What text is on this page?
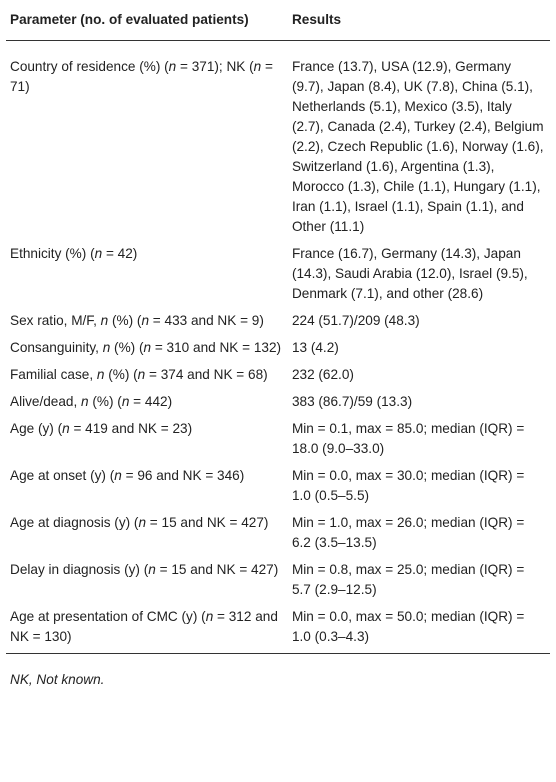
Parameter (no. of evaluated patients)	Results
Country of residence (%) (n = 371); NK (n = 71)	France (13.7), USA (12.9), Germany (9.7), Japan (8.4), UK (7.8), China (5.1), Netherlands (5.1), Mexico (3.5), Italy (2.7), Canada (2.4), Turkey (2.4), Belgium (2.2), Czech Republic (1.6), Norway (1.6), Switzerland (1.6), Argentina (1.3), Morocco (1.3), Chile (1.1), Hungary (1.1), Iran (1.1), Israel (1.1), Spain (1.1), and Other (11.1)
Ethnicity (%) (n = 42)	France (16.7), Germany (14.3), Japan (14.3), Saudi Arabia (12.0), Israel (9.5), Denmark (7.1), and other (28.6)
Sex ratio, M/F, n (%) (n = 433 and NK = 9)	224 (51.7)/209 (48.3)
Consanguinity, n (%) (n = 310 and NK = 132)	13 (4.2)
Familial case, n (%) (n = 374 and NK = 68)	232 (62.0)
Alive/dead, n (%) (n = 442)	383 (86.7)/59 (13.3)
Age (y) (n = 419 and NK = 23)	Min = 0.1, max = 85.0; median (IQR) = 18.0 (9.0–33.0)
Age at onset (y) (n = 96 and NK = 346)	Min = 0.0, max = 30.0; median (IQR) = 1.0 (0.5–5.5)
Age at diagnosis (y) (n = 15 and NK = 427)	Min = 1.0, max = 26.0; median (IQR) = 6.2 (3.5–13.5)
Delay in diagnosis (y) (n = 15 and NK = 427)	Min = 0.8, max = 25.0; median (IQR) = 5.7 (2.9–12.5)
Age at presentation of CMC (y) (n = 312 and NK = 130)	Min = 0.0, max = 50.0; median (IQR) = 1.0 (0.3–4.3)
NK, Not known.
